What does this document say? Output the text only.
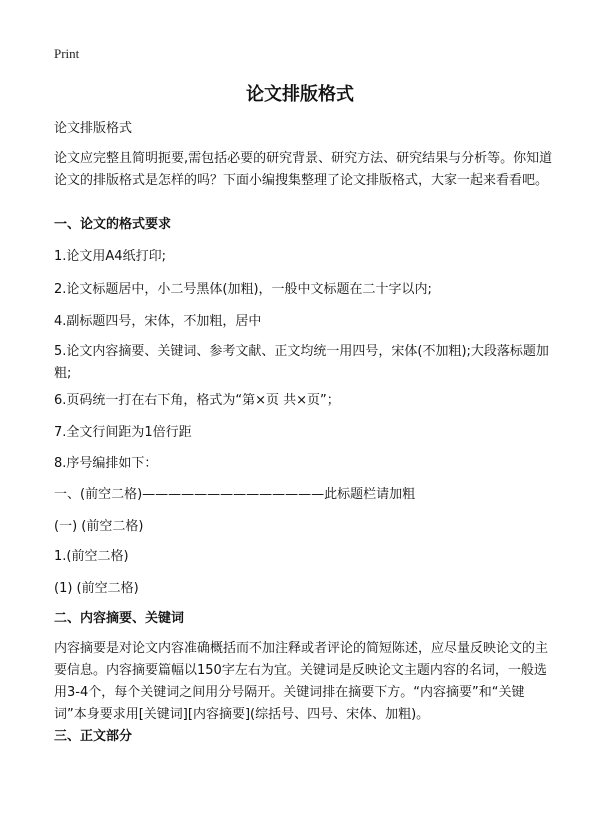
Print
论文排版格式
论文排版格式
论文应完整且简明扼要,需包括必要的研究背景、研究方法、研究结果与分析等。你知道论文的排版格式是怎样的吗？下面小编搜集整理了论文排版格式，大家一起来看看吧。
一、论文的格式要求
1.论文用A4纸打印;
2.论文标题居中，小二号黑体(加粗)，一般中文标题在二十字以内;
4.副标题四号，宋体，不加粗，居中
5.论文内容摘要、关键词、参考文献、正文均统一用四号，宋体(不加粗);大段落标题加粗;
6.页码统一打在右下角，格式为“第×页 共×页”；
7.全文行间距为1倍行距
8.序号编排如下：
一、(前空二格)——————————————此标题栏请加粗
(一) (前空二格)
1.(前空二格)
(1) (前空二格)
二、内容摘要、关键词
内容摘要是对论文内容准确概括而不加注释或者评论的简短陈述，应尽量反映论文的主要信息。内容摘要篇幅以150字左右为宜。关键词是反映论文主题内容的名词，一般选用3-4个，每个关键词之间用分号隔开。关键词排在摘要下方。“内容摘要”和“关键词”本身要求用[关键词][内容摘要](综括号、四号、宋体、加粗)。
三、正文部分
